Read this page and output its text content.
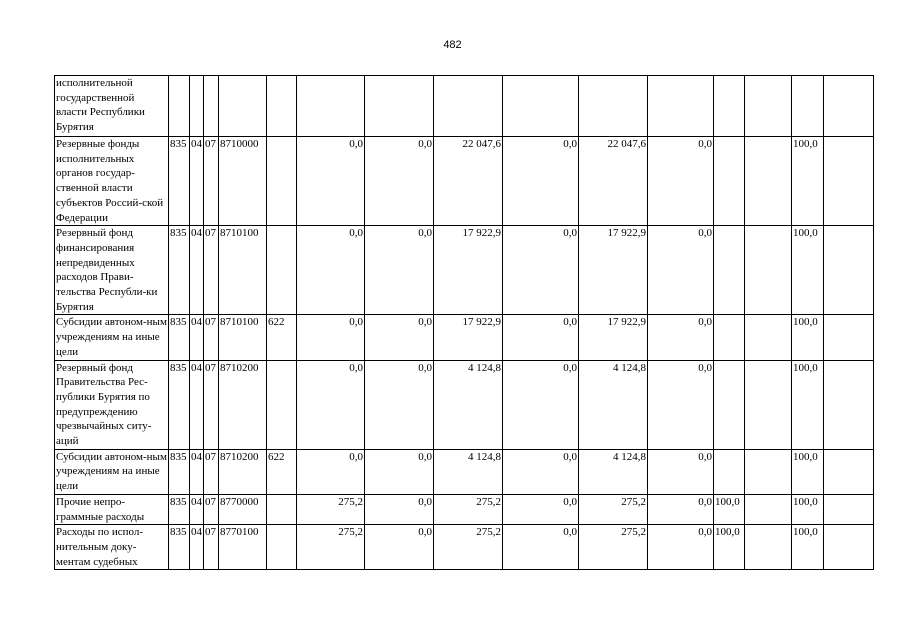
482
исполнительной государственной власти Республики Бурятия															
Резервные фонды исполнительных органов государ-ственной власти субъектов Россий-ской Федерации	835	04	07	8710000		0,0	0,0	22 047,6	0,0	22 047,6	0,0			100,0	
Резервный фонд финансирования непредвиденных расходов Прави-тельства Республи-ки Бурятия	835	04	07	8710100		0,0	0,0	17 922,9	0,0	17 922,9	0,0			100,0	
Субсидии автоном-ным учреждениям на иные цели	835	04	07	8710100	622	0,0	0,0	17 922,9	0,0	17 922,9	0,0			100,0	
Резервный фонд Правительства Рес-публики Бурятия по предупреждению чрезвычайных ситу-аций	835	04	07	8710200		0,0	0,0	4 124,8	0,0	4 124,8	0,0			100,0	
Субсидии автоном-ным учреждениям на иные цели	835	04	07	8710200	622	0,0	0,0	4 124,8	0,0	4 124,8	0,0			100,0	
Прочие непро-граммные расходы	835	04	07	8770000		275,2	0,0	275,2	0,0	275,2	0,0	100,0		100,0	
Расходы по испол-нительным доку-ментам судебных	835	04	07	8770100		275,2	0,0	275,2	0,0	275,2	0,0	100,0		100,0	
